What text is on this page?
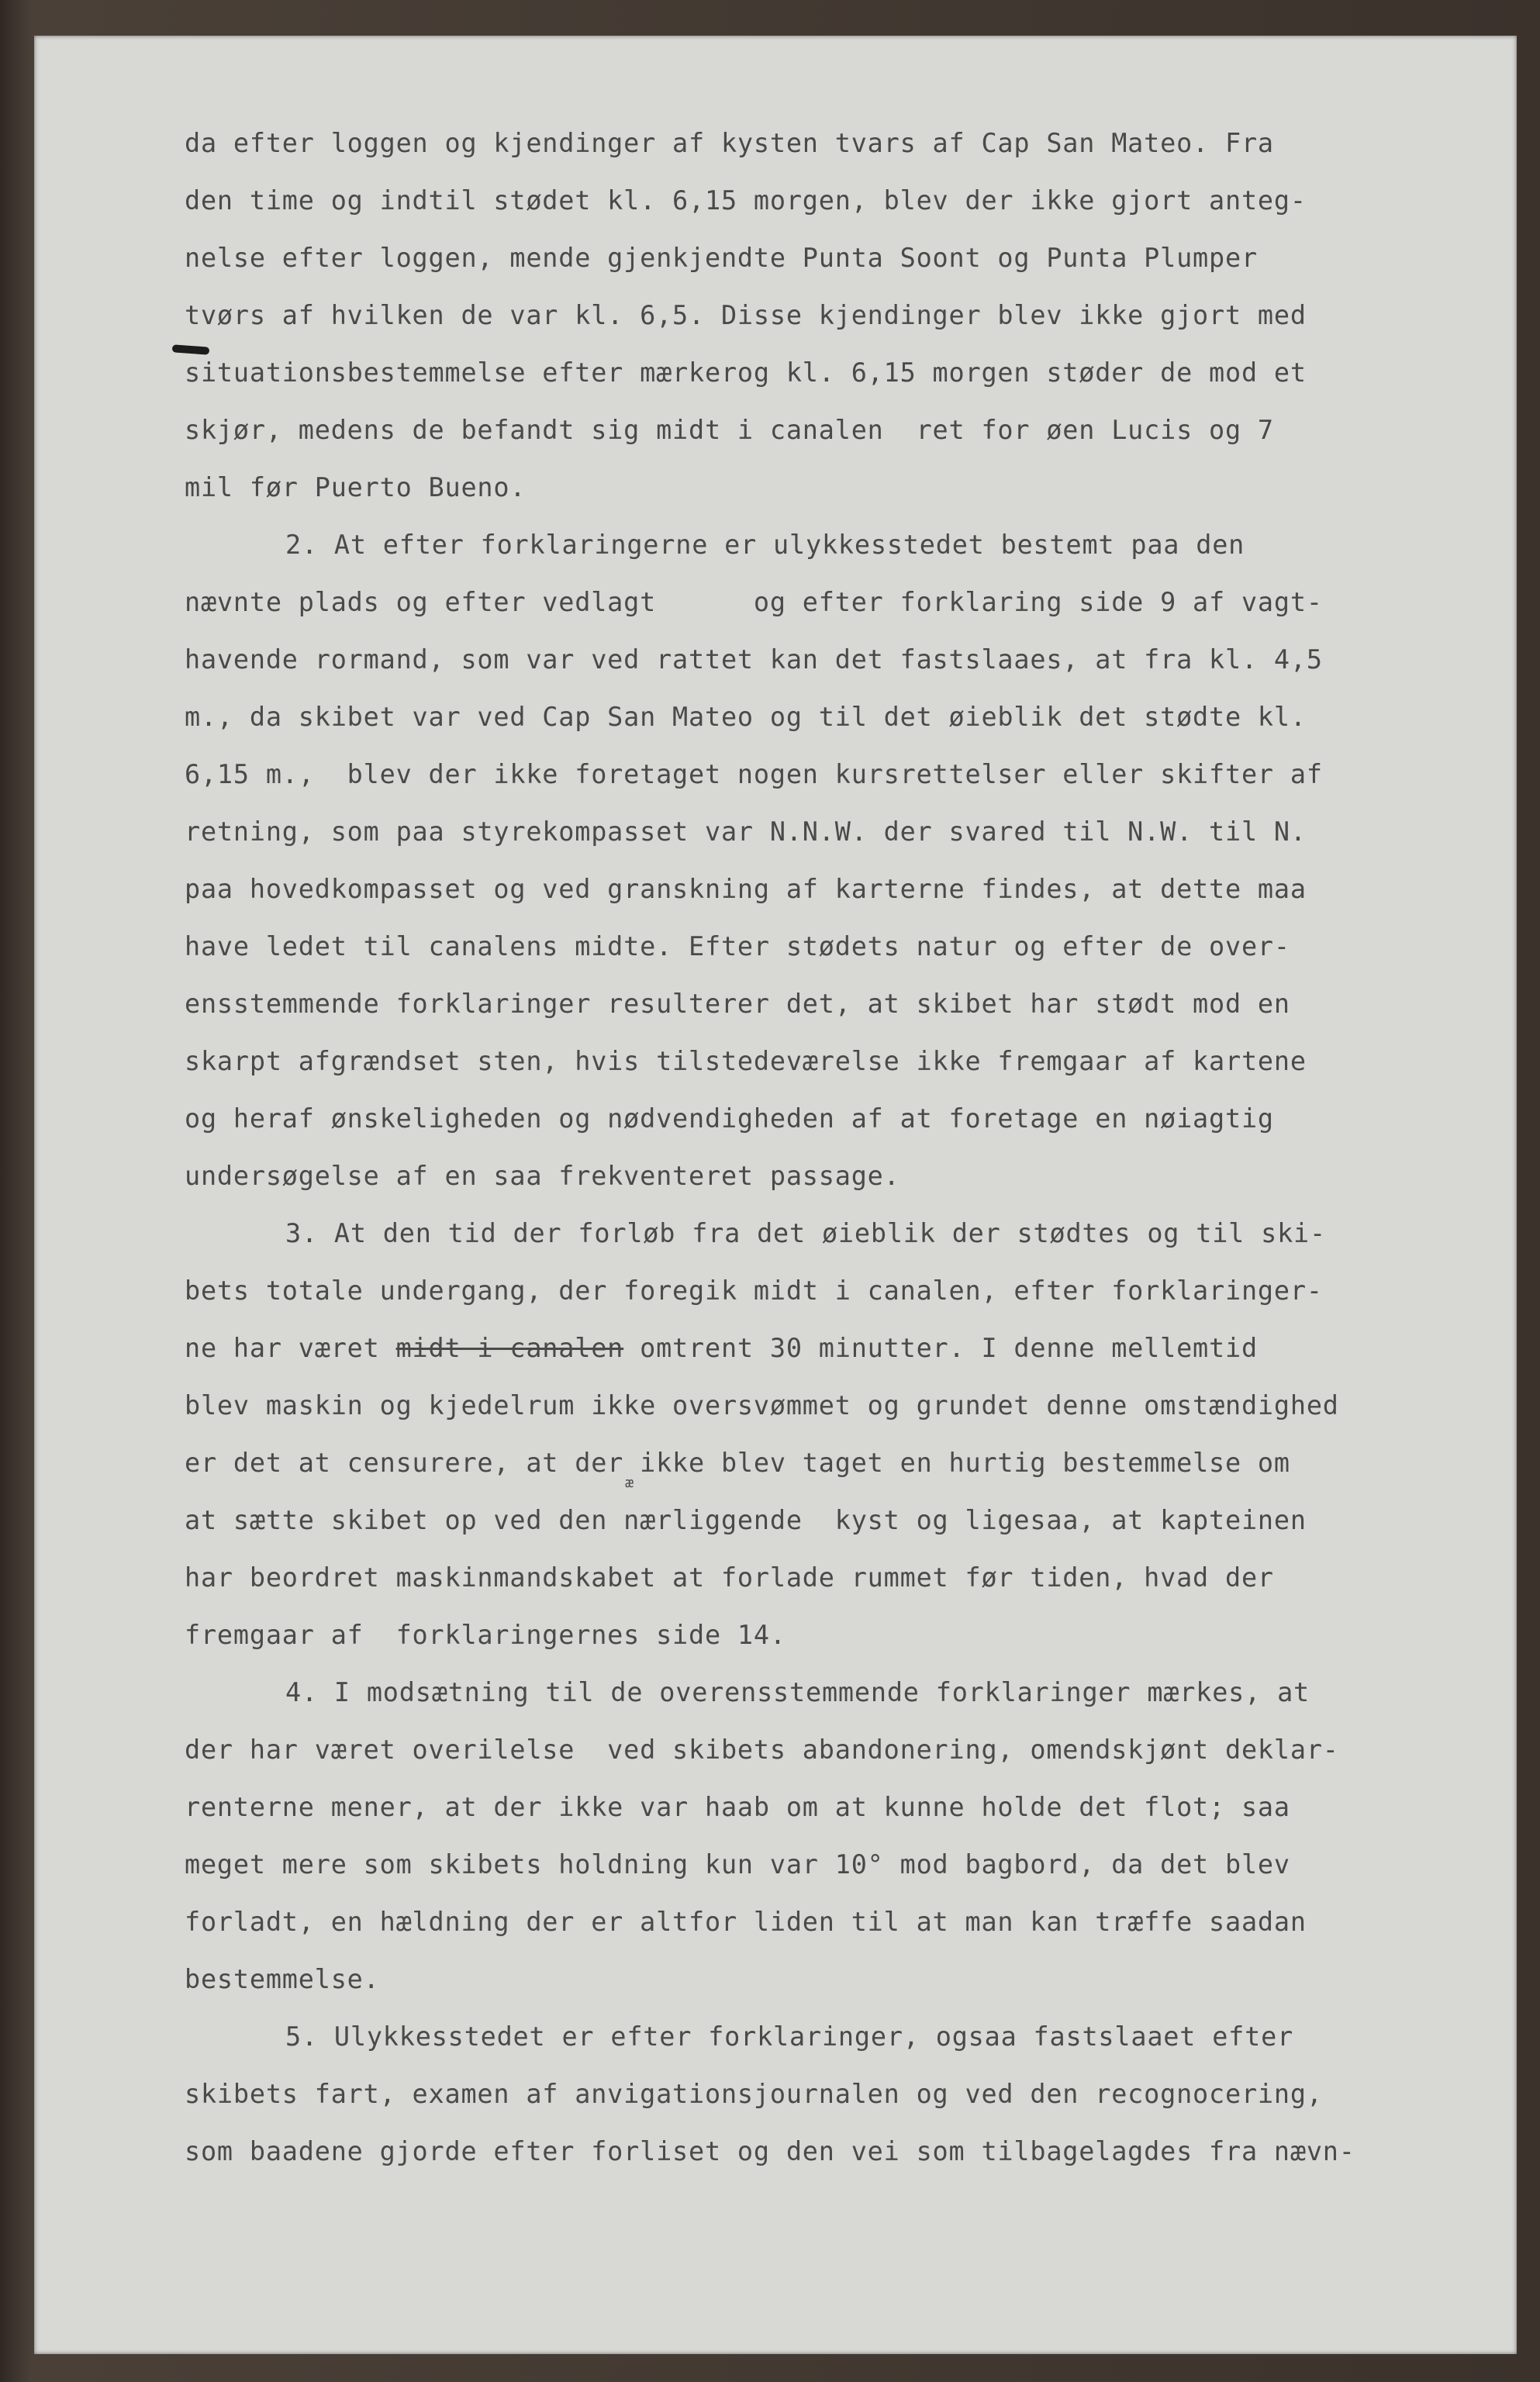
da efter loggen og kjendinger af kysten tvars af Cap San Mateo. Fra
den time og indtil stødet kl. 6,15 morgen, blev der ikke gjort anteg-
nelse efter loggen, mende gjenkjendte Punta Soont og Punta Plumper
tvørs af hvilken de var kl. 6,5. Disse kjendinger blev ikke gjort med
situationsbestemmelse efter mærkerog kl. 6,15 morgen støder de mod et
skjør, medens de befandt sig midt i canalen  ret for øen Lucis og 7
mil før Puerto Bueno.
2. At efter forklaringerne er ulykkesstedet bestemt paa den
nævnte plads og efter vedlagt      og efter forklaring side 9 af vagt-
havende rormand, som var ved rattet kan det fastslaaes, at fra kl. 4,5
m., da skibet var ved Cap San Mateo og til det øieblik det stødte kl.
6,15 m.,  blev der ikke foretaget nogen kursrettelser eller skifter af
retning, som paa styrekompasset var N.N.W. der svared til N.W. til N.
paa hovedkompasset og ved granskning af karterne findes, at dette maa
have ledet til canalens midte. Efter stødets natur og efter de over-
ensstemmende forklaringer resulterer det, at skibet har stødt mod en
skarpt afgrændset sten, hvis tilstedeværelse ikke fremgaar af kartene
og heraf ønskeligheden og nødvendigheden af at foretage en nøiagtig
undersøgelse af en saa frekventeret passage.
3. At den tid der forløb fra det øieblik der stødtes og til ski-
bets totale undergang, der foregik midt i canalen, efter forklaringer-
ne har været midt i canalen omtrent 30 minutter. I denne mellemtid
blev maskin og kjedelrum ikke oversvømmet og grundet denne omstændighed
er det at censurere, at der ikke blev taget en hurtig bestemmelse om
at sætte skibet op ved den
æ
nærliggende  kyst og ligesaa, at kapteinen
har beordret maskinmandskabet at forlade rummet før tiden, hvad der
fremgaar af  forklaringernes side 14.
4. I modsætning til de overensstemmende forklaringer mærkes, at
der har været overilelse  ved skibets abandonering, omendskjønt deklar-
renterne mener, at der ikke var haab om at kunne holde det flot; saa
meget mere som skibets holdning kun var 10° mod bagbord, da det blev
forladt, en hældning der er altfor liden til at man kan træffe saadan
bestemmelse.
5. Ulykkesstedet er efter forklaringer, ogsaa fastslaaet efter
skibets fart, examen af anvigationsjournalen og ved den recognocering,
som baadene gjorde efter forliset og den vei som tilbagelagdes fra nævn-
